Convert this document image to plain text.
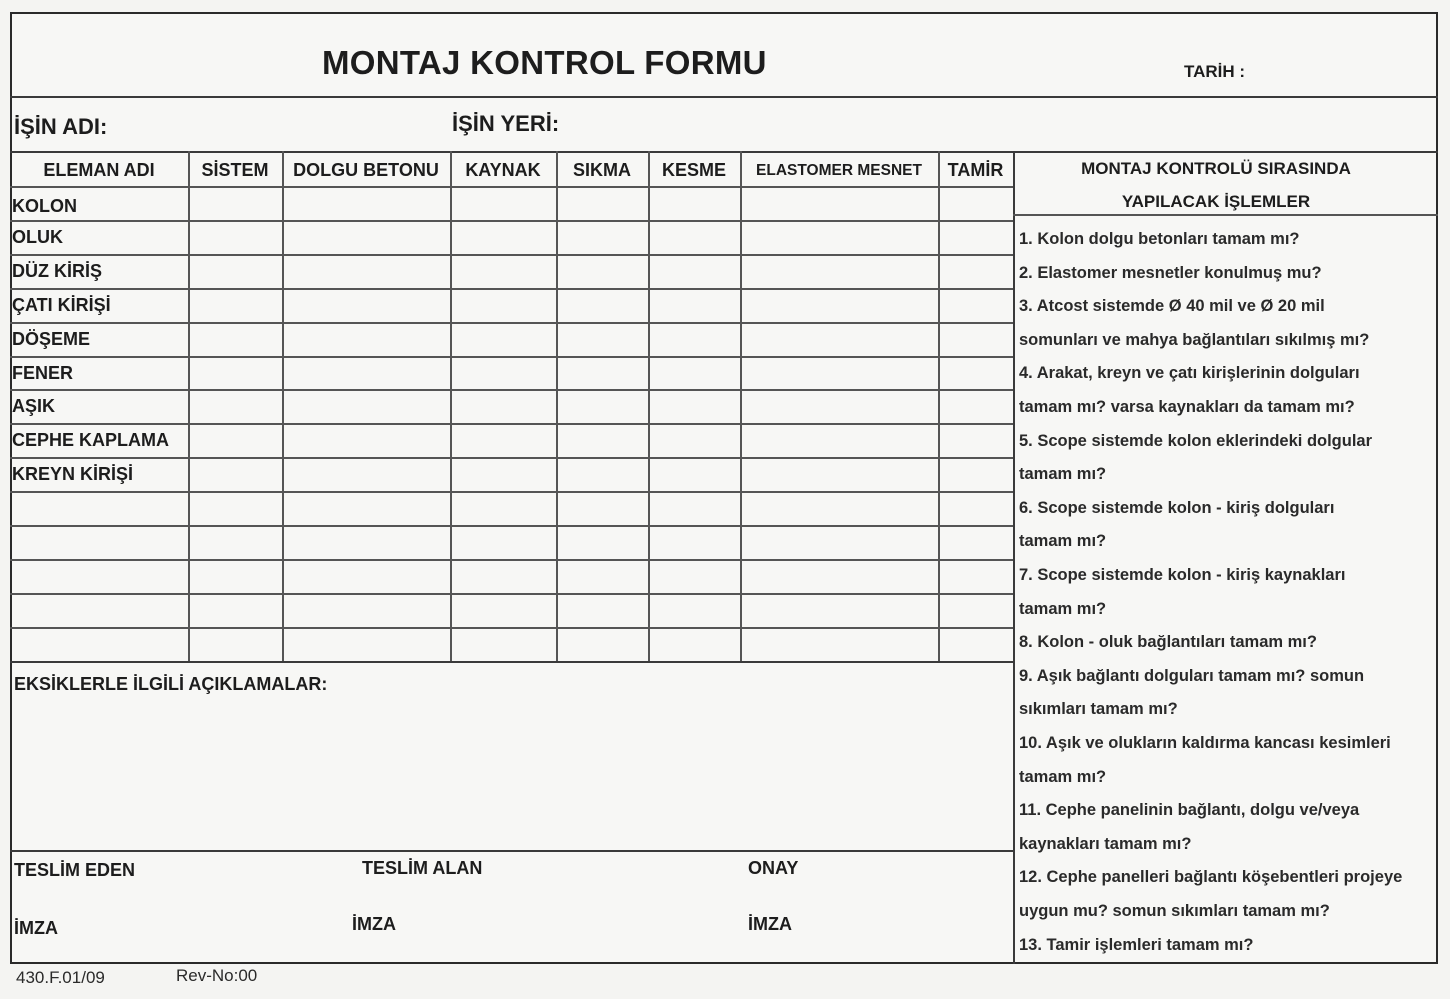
MONTAJ KONTROL FORMU	TARİH :
İŞİN ADI:	İŞİN YERİ:
ELEMAN ADI	SİSTEM	DOLGU BETONU	KAYNAK	SIKMA	KESME	ELASTOMER MESNET	TAMİR
KOLON
OLUK
DÜZ KİRİŞ
ÇATI KİRİŞİ
DÖŞEME
FENER
AŞIK
CEPHE KAPLAMA
KREYN KİRİŞİ
MONTAJ KONTROLÜ SIRASINDA
YAPILACAK İŞLEMLER
1. Kolon dolgu betonları tamam mı?
2. Elastomer mesnetler konulmuş mu?
3. Atcost sistemde Ø 40 mil ve Ø 20 mil
somunları ve mahya bağlantıları sıkılmış mı?
4. Arakat, kreyn ve çatı kirişlerinin dolguları
tamam mı? varsa kaynakları da tamam mı?
5. Scope sistemde kolon eklerindeki dolgular
tamam mı?
6. Scope sistemde kolon - kiriş dolguları
tamam mı?
7. Scope sistemde kolon - kiriş kaynakları
tamam mı?
8. Kolon - oluk bağlantıları tamam mı?
9. Aşık bağlantı dolguları tamam mı? somun
sıkımları tamam mı?
10. Aşık ve olukların kaldırma kancası kesimleri
tamam mı?
11. Cephe panelinin bağlantı, dolgu ve/veya
kaynakları tamam mı?
12. Cephe panelleri bağlantı köşebentleri projeye
uygun mu? somun sıkımları tamam mı?
13. Tamir işlemleri tamam mı?
EKSİKLERLE İLGİLİ AÇIKLAMALAR:
TESLİM EDEN	TESLİM ALAN	ONAY
İMZA	İMZA	İMZA
430.F.01/09	Rev-No:00
